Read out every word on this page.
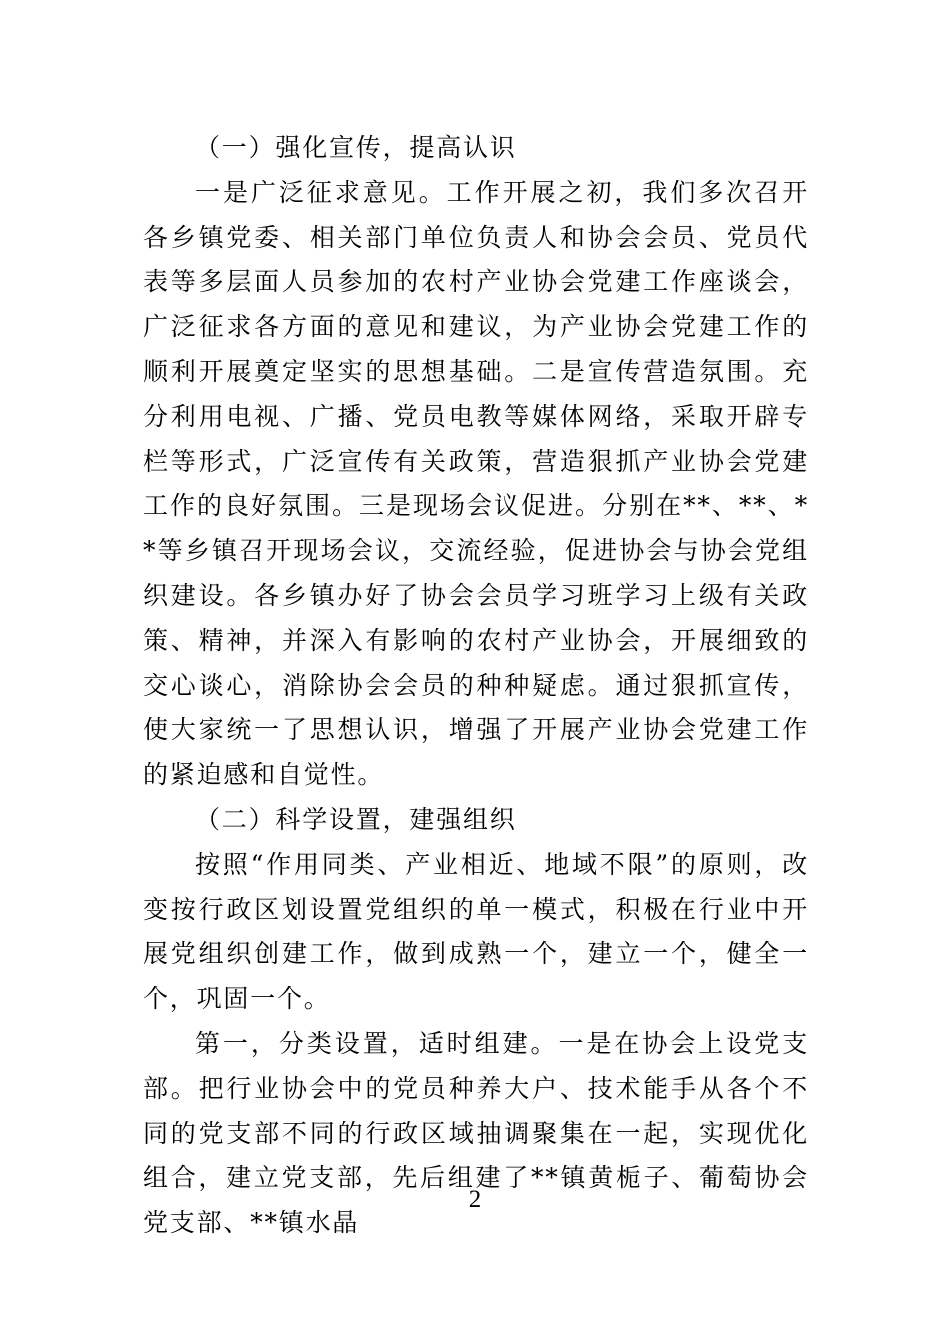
（一）强化宣传，提高认识

一是广泛征求意见。工作开展之初，我们多次召开各乡镇党委、相关部门单位负责人和协会会员、党员代表等多层面人员参加的农村产业协会党建工作座谈会，广泛征求各方面的意见和建议，为产业协会党建工作的顺利开展奠定坚实的思想基础。二是宣传营造氛围。充分利用电视、广播、党员电教等媒体网络，采取开辟专栏等形式，广泛宣传有关政策，营造狠抓产业协会党建工作的良好氛围。三是现场会议促进。分别在**、**、**等乡镇召开现场会议，交流经验，促进协会与协会党组织建设。各乡镇办好了协会会员学习班学习上级有关政策、精神，并深入有影响的农村产业协会，开展细致的交心谈心，消除协会会员的种种疑虑。通过狠抓宣传，使大家统一了思想认识，增强了开展产业协会党建工作的紧迫感和自觉性。

（二）科学设置，建强组织

按照“作用同类、产业相近、地域不限”的原则，改变按行政区划设置党组织的单一模式，积极在行业中开展党组织创建工作，做到成熟一个，建立一个，健全一个，巩固一个。

第一，分类设置，适时组建。一是在协会上设党支部。把行业协会中的党员种养大户、技术能手从各个不同的党支部不同的行政区域抽调聚集在一起，实现优化组合，建立党支部，先后组建了**镇黄栀子、葡萄协会党支部、**镇水晶

2
